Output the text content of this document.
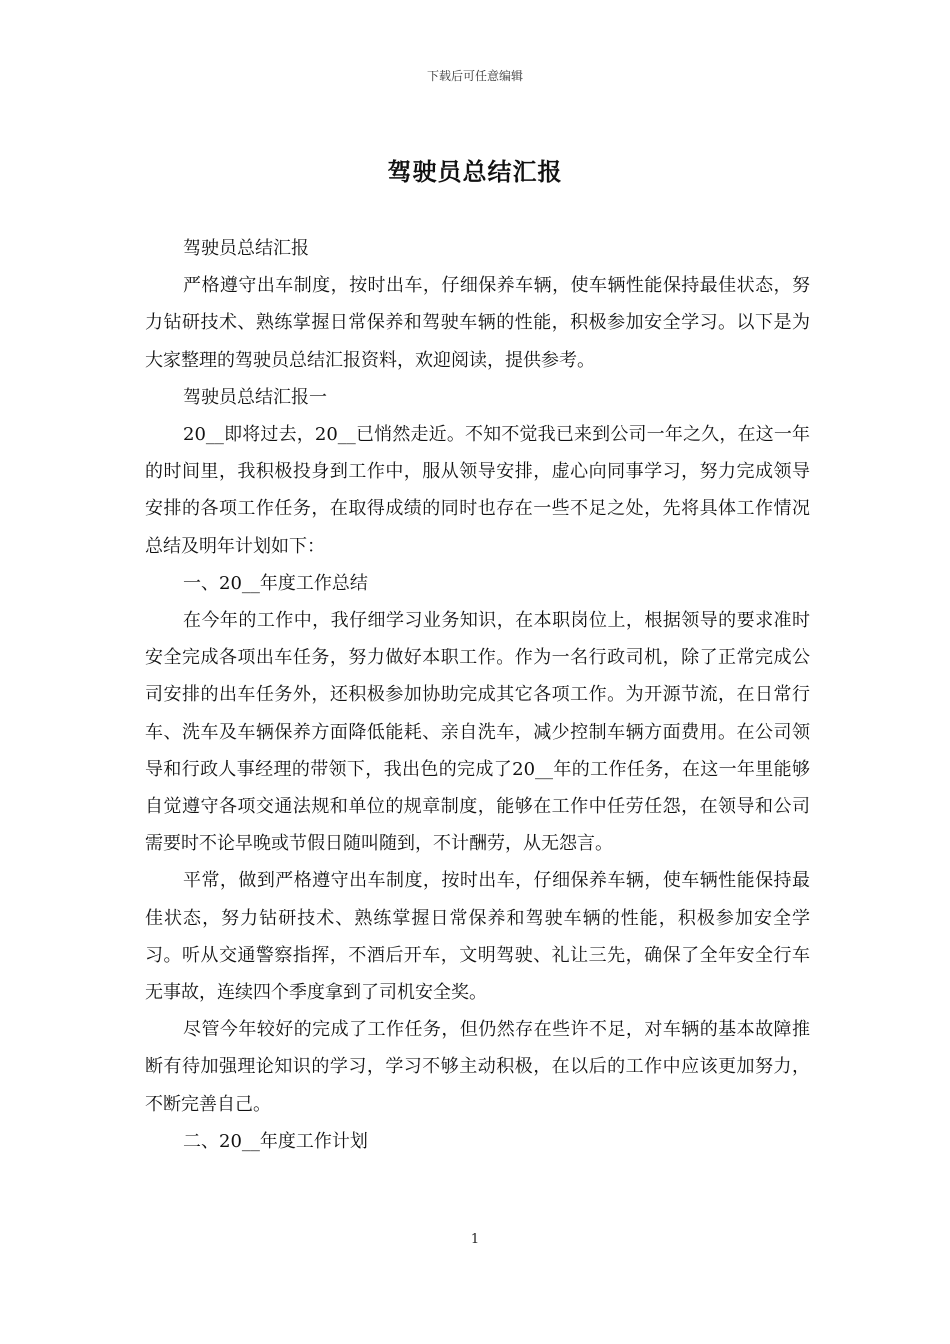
下载后可任意编辑
驾驶员总结汇报

驾驶员总结汇报

严格遵守出车制度，按时出车，仔细保养车辆，使车辆性能保持最佳状态，努力钻研技术、熟练掌握日常保养和驾驶车辆的性能，积极参加安全学习。以下是为大家整理的驾驶员总结汇报资料，欢迎阅读，提供参考。

驾驶员总结汇报一

20__即将过去，20__已悄然走近。不知不觉我已来到公司一年之久，在这一年的时间里，我积极投身到工作中，服从领导安排，虚心向同事学习，努力完成领导安排的各项工作任务，在取得成绩的同时也存在一些不足之处，先将具体工作情况总结及明年计划如下：

一、20__年度工作总结

在今年的工作中，我仔细学习业务知识，在本职岗位上，根据领导的要求准时安全完成各项出车任务，努力做好本职工作。作为一名行政司机，除了正常完成公司安排的出车任务外，还积极参加协助完成其它各项工作。为开源节流，在日常行车、洗车及车辆保养方面降低能耗、亲自洗车，减少控制车辆方面费用。在公司领导和行政人事经理的带领下，我出色的完成了20__年的工作任务，在这一年里能够自觉遵守各项交通法规和单位的规章制度，能够在工作中任劳任怨，在领导和公司需要时不论早晚或节假日随叫随到，不计酬劳，从无怨言。

平常，做到严格遵守出车制度，按时出车，仔细保养车辆，使车辆性能保持最佳状态，努力钻研技术、熟练掌握日常保养和驾驶车辆的性能，积极参加安全学习。听从交通警察指挥，不酒后开车，文明驾驶、礼让三先，确保了全年安全行车无事故，连续四个季度拿到了司机安全奖。

尽管今年较好的完成了工作任务，但仍然存在些许不足，对车辆的基本故障推断有待加强理论知识的学习，学习不够主动积极，在以后的工作中应该更加努力，不断完善自己。

二、20__年度工作计划

1
